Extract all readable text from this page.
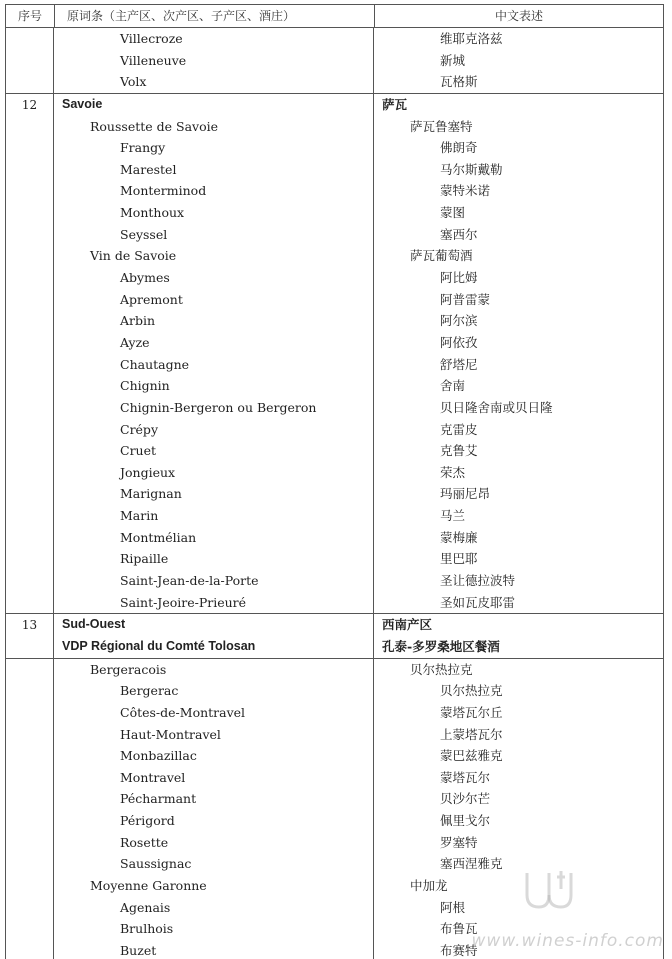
序号	原词条（主产区、次产区、子产区、酒庄）	中文表述
Villecroze	维耶克洛兹
Villeneuve	新城
Volx	瓦格斯
12	Savoie	萨瓦
Roussette de Savoie	萨瓦鲁塞特
Frangy	佛朗奇
Marestel	马尔斯戴勒
Monterminod	蒙特米诺
Monthoux	蒙图
Seyssel	塞西尔
Vin de Savoie	萨瓦葡萄酒
Abymes	阿比姆
Apremont	阿普雷蒙
Arbin	阿尔滨
Ayze	阿依孜
Chautagne	舒塔尼
Chignin	舍南
Chignin-Bergeron ou Bergeron	贝日隆舍南或贝日隆
Crépy	克雷皮
Cruet	克鲁艾
Jongieux	荣杰
Marignan	玛丽尼昂
Marin	马兰
Montmélian	蒙梅廉
Ripaille	里巴耶
Saint-Jean-de-la-Porte	圣让德拉波特
Saint-Jeoire-Prieuré	圣如瓦皮耶雷
13	Sud-Ouest	西南产区
VDP Régional du Comté Tolosan	孔泰-多罗桑地区餐酒
Bergeracois	贝尔热拉克
Bergerac	贝尔热拉克
Côtes-de-Montravel	蒙塔瓦尔丘
Haut-Montravel	上蒙塔瓦尔
Monbazillac	蒙巴兹雅克
Montravel	蒙塔瓦尔
Pécharmant	贝沙尔芒
Périgord	佩里戈尔
Rosette	罗塞特
Saussignac	塞西涅雅克
Moyenne Garonne	中加龙
Agenais	阿根
Brulhois	布鲁瓦
Buzet	布赛特
www.wines-info.com
